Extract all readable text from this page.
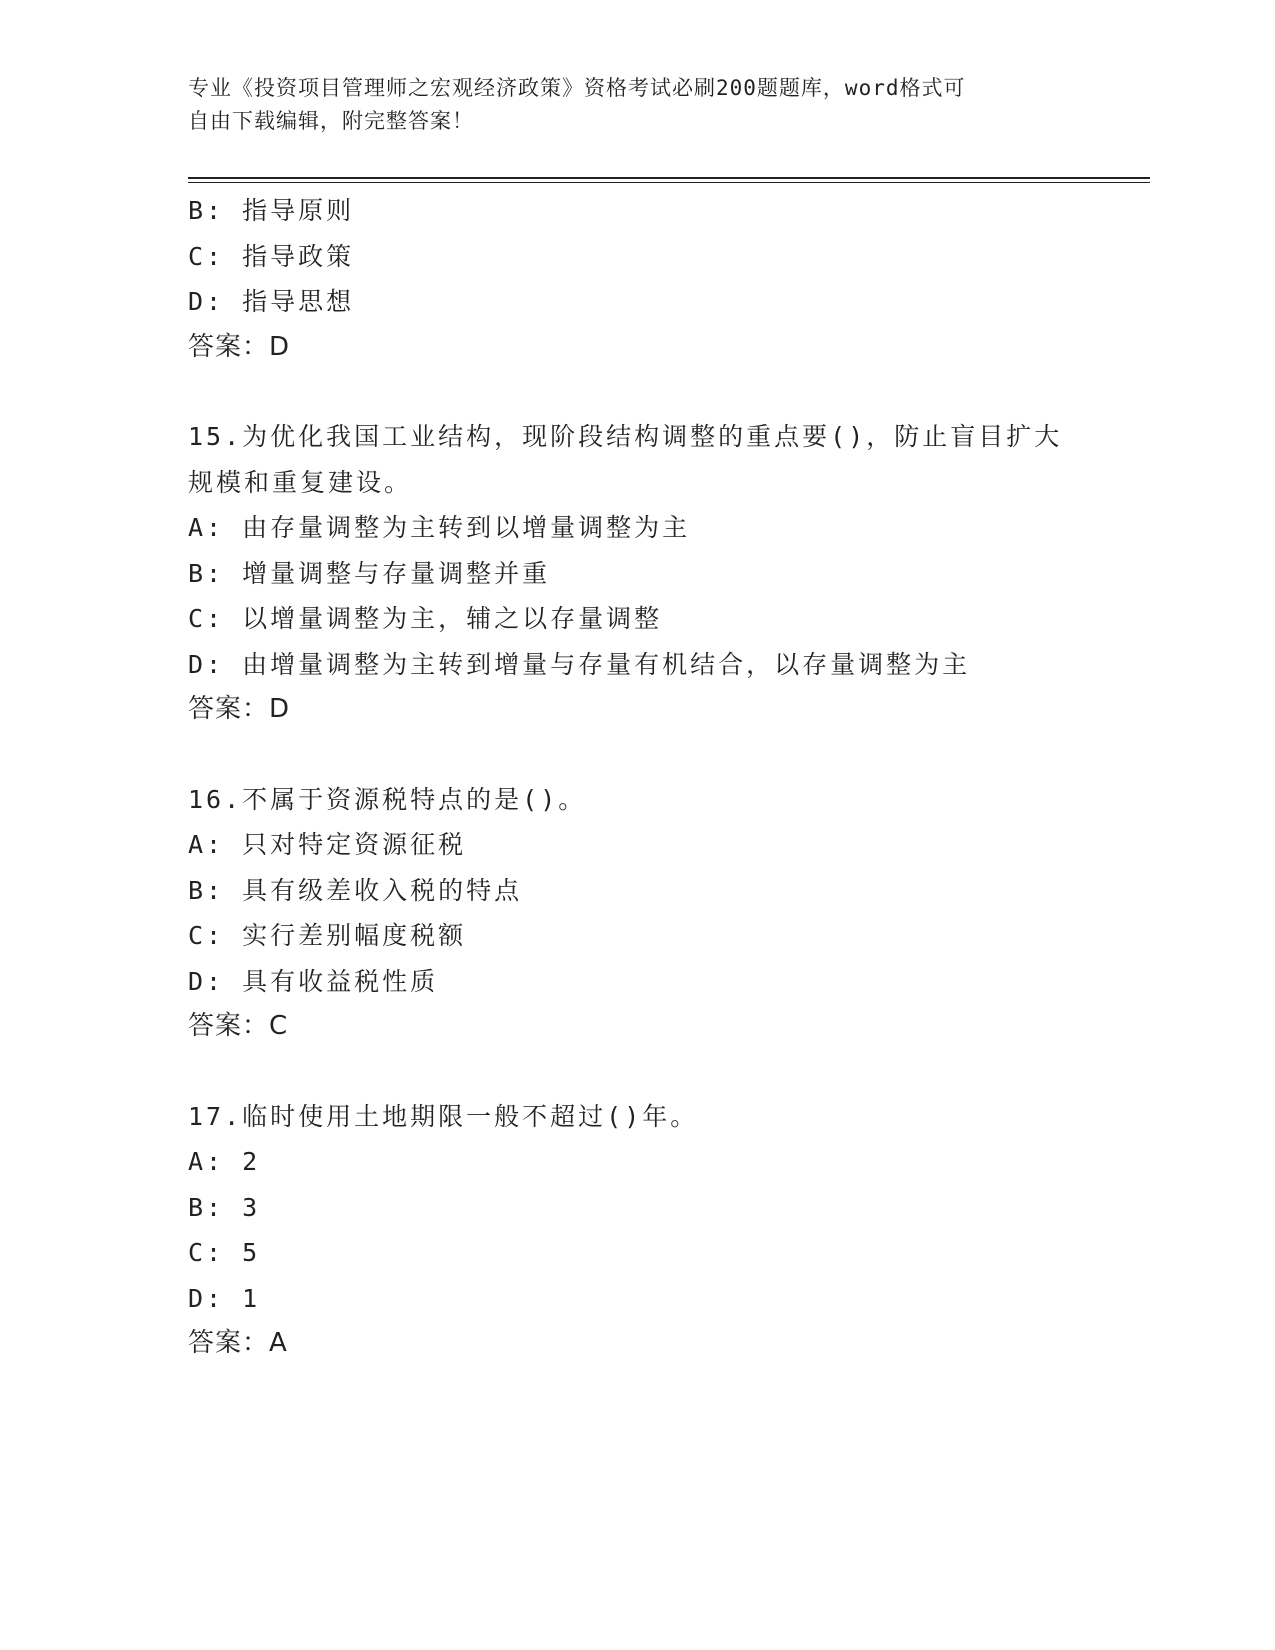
专业《投资项目管理师之宏观经济政策》资格考试必刷200题题库，word格式可
自由下载编辑，附完整答案！
B: 指导原则
C: 指导政策
D: 指导思想
答案：D
15.为优化我国工业结构，现阶段结构调整的重点要()，防止盲目扩大
规模和重复建设。
A: 由存量调整为主转到以增量调整为主
B: 增量调整与存量调整并重
C: 以增量调整为主，辅之以存量调整
D: 由增量调整为主转到增量与存量有机结合，以存量调整为主
答案：D
16.不属于资源税特点的是()。
A: 只对特定资源征税
B: 具有级差收入税的特点
C: 实行差别幅度税额
D: 具有收益税性质
答案：C
17.临时使用土地期限一般不超过()年。
A: 2
B: 3
C: 5
D: 1
答案：A
